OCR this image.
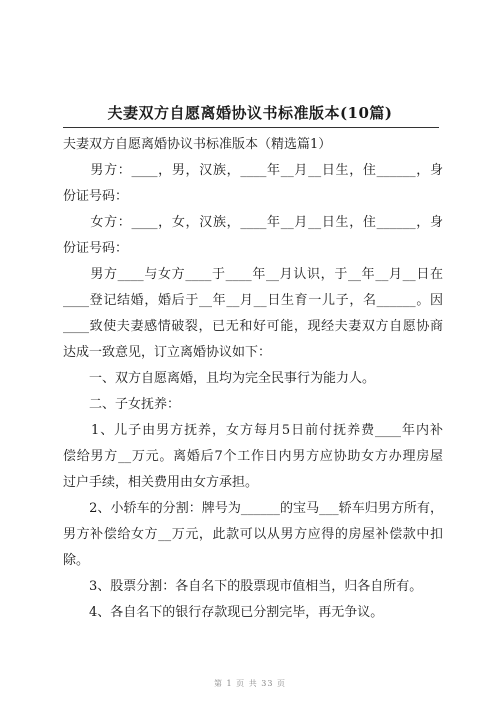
夫妻双方自愿离婚协议书标准版本(10篇)
夫妻双方自愿离婚协议书标准版本（精选篇1）
　　男方：____，男，汉族，____年__月__日生，住______，身
份证号码：
　　女方：____，女，汉族，____年__月__日生，住______，身
份证号码：
　　男方____与女方____于____年__月认识，于__年__月__日在
____登记结婚，婚后于__年__月__日生育一儿子，名______。因
____致使夫妻感情破裂，已无和好可能，现经夫妻双方自愿协商
达成一致意见，订立离婚协议如下：
　　一、双方自愿离婚，且均为完全民事行为能力人。
　　二、子女抚养：
　　1、儿子由男方抚养，女方每月5日前付抚养费____年内补
偿给男方__万元。离婚后7个工作日内男方应协助女方办理房屋
过户手续，相关费用由女方承担。
　　2、小轿车的分割：牌号为______的宝马___轿车归男方所有，
男方补偿给女方__万元，此款可以从男方应得的房屋补偿款中扣
除。
　　3、股票分割：各自名下的股票现市值相当，归各自所有。
　　4、各自名下的银行存款现已分割完毕，再无争议。
第 1 页 共 33 页
